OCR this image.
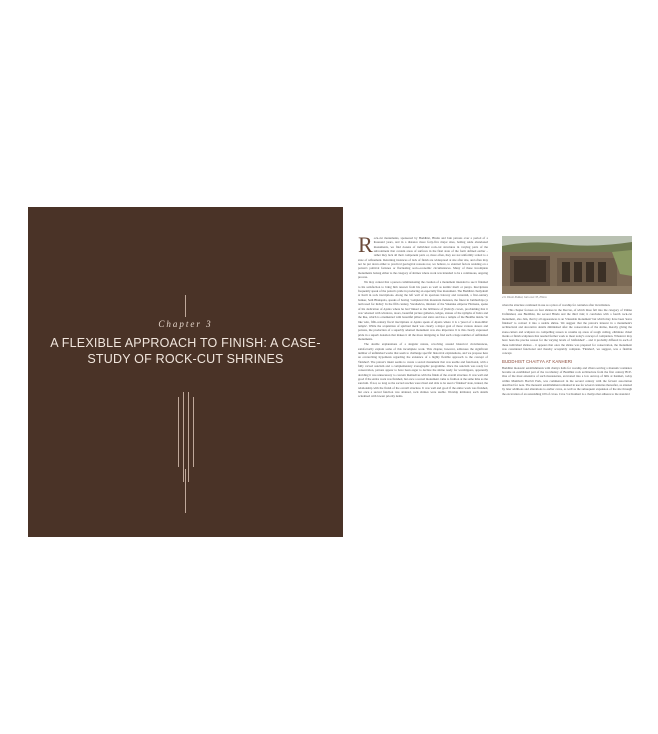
Chapter 3
A FLEXIBLE APPROACH TO FINISH: A CASE-STUDY OF ROCK-CUT SHRINES
R ock-cut monuments, sponsored by Buddhist, Hindu and Jain patrons over a period of a thousand years, and in a distance more forty-five major sites, betting aside abandoned monuments, we find dozens of individual rock-cut structures in varying parts of the subcontinent that contain areas of surfaces in the final state of the form defined earlier – rather they lack all their component parts or, more often, they are not uniformly scaled to a state of refinement. Returning instances of lack of finish are widespread at site after site, and often may not be put down either to practical geological reasons nor, we believe, to external factors resisting on a patron's political fortunes or fluctuating socio-economic circumstances. Many of these incomplete monuments belong either to the category of shrines where work was intended to be a continuous, ongoing process.

We may contest that a person commissioning the creation of a monument intended to see it finished to his satisfaction to bring him renown from his peers as well as karmic merit or punya. Inscriptions frequently speak of the patron's pride in producing an especially fine monument. The Buddhist chaityahall at Karli in rock inscriptions. Along the left wall of its spacious balcony and verandah, a first-century banker, Seth Bhutapala, speaks of having 'completed this mountain mansion, the finest in Jambudvipa [a term used for India]'. In the fifth century, Varahadeva, minister of the Vakataka emperor Harisena, spoke of his dedication of Ajanta where he had 'linked to the brilliance of [Indra]'s crown, proclaiming that it was 'adorned with windows, doors, beautiful picture galleries, ledges, statues of the nymphs of Indra and the like, which is ornamented with beautiful pillars and stairs and has a temple of the Buddha inside.' In like vein, fifth-century fiscal inscriptions at Ajanta speak of Ajanta where it is a 'jewel of a monolithic temple'. While the acquisition of spiritual merit was clearly a major goal of those various donors and patrons, the production of a superbly adorned monument was also important. It is this clearly expressed pride in a superb donation that makes it all the more intriguing to find such a huge number of unfinished monuments.

The double explanations of a singular nature, revolving around historical circumstances, satisfactorily explain some of this incomplete work. This chapter, however, addresses the significant number of unfinished works that seem to challenge specific historical explanations, and we propose here an overarching hypothesis regarding the existence of a highly flexible approach to the concept of 'finished'. The patron's intent seems to create a sacred monument that was usable and functional, with a fully carved sanctum and a complementary iconographic programme. Once the sanctum was ready for consecration, patrons appear to have been eager to declare the shrine ready for worshippers, apparently deciding it was unnecessary to concern themselves with the finish of the overall structure. It was well and good if the entire work was finished, but once a sacred monument came to fruition at the same time as the sanctum. If not, so long as the sacred reaches were ritual and able to be used a 'finished' state, indeed, the relationship with the finish of the overall structure. It was well and good if the entire work was finished, but once a sacred function was attained, rock shrines were usable. Worship inititated, each details actualised with lowest priority items.

2.9. Dhoni Pokhar, Jain cave 33, Ellora

when the structure continued in use as a place of worship for centuries after its initiation.

This chapter focuses on four shrines in the Deccan, of which three fall into the category of Unlike Unfinished, one Buddhist, the second Hindu and the third Jain; it concludes with a fourth rock-cut monument, also Jain, that by all appearances is an 'Unusable monument' but which may have been 'leave finished' to convert it into a usable shrine. We suggest that the patron's interest in a monument's architectural and decorative details diminished after the consecration of the shrine, thereby giving the stone-cutters and sculptors no compelling reason to resume up areas of rough cutting, eliminate chisel marks or finish sculptures that needed further work to meet today's concept of completion. Whatever may have been the precise reason for the varying levels of 'unfinished' – and it probably differed in each of these individual shrines – it appears that once the shrine was prepared for consecration, the monument was considered functional and thereby acceptably complete. 'Finished', we suggest, was a flexible concept.

BUDDHIST CHAITYA AT KANHERI

Buddhist monastic establishments with chaitya halls for worship and vihara serving a monastic residence became an established part of the vocabulary of Buddhist rock architecture from the first century BCE. One of the most extensive of such monasteries, excavated into a low outcrop of hills at Kanheri, today within Mumbai's Borivli Park, was commenced in the second century with the fervent association described for note. The monastic establishment remained in use for several centuries thereafter, as attested by later additions and alterations to earlier caves, as well as the subsequent expansion of the site through the excavation of an astonishing 109 of caves. Cave 3 at Kanheri is a chaitya that adheres to the standard
